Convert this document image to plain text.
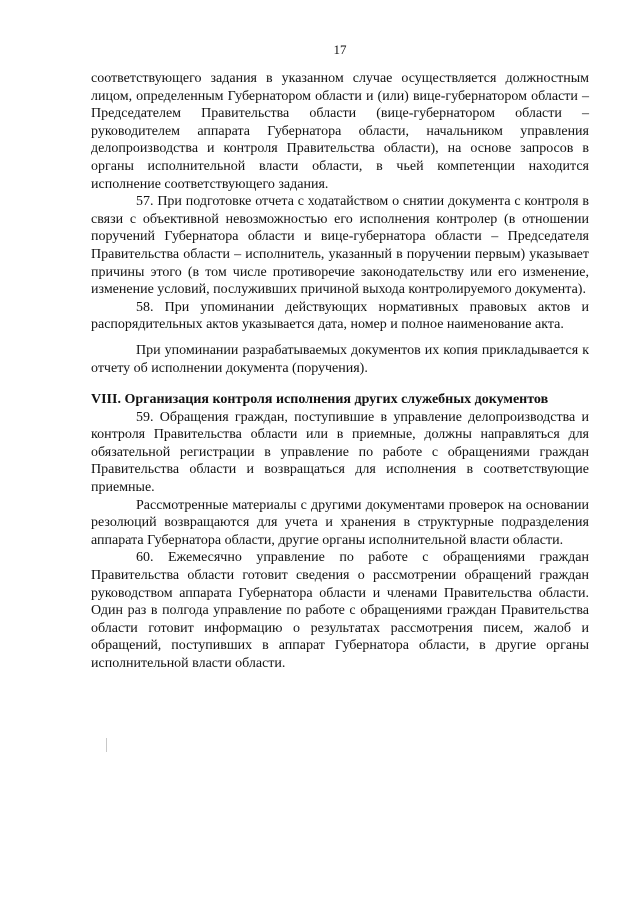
17

соответствующего задания в указанном случае осуществляется должностным лицом, определенным Губернатором области и (или) вице-губернатором области – Председателем Правительства области (вице-губернатором области – руководителем аппарата Губернатора области, начальником управления делопроизводства и контроля Правительства области), на основе запросов в органы исполнительной власти области, в чьей компетенции находится исполнение соответствующего задания.

57. При подготовке отчета с ходатайством о снятии документа с контроля в связи с объективной невозможностью его исполнения контролер (в отношении поручений Губернатора области и вице-губернатора области – Председателя Правительства области – исполнитель, указанный в поручении первым) указывает причины этого (в том числе противоречие законодательству или его изменение, изменение условий, послуживших причиной выхода контролируемого документа).

58. При упоминании действующих нормативных правовых актов и распорядительных актов указывается дата, номер и полное наименование акта.

При упоминании разрабатываемых документов их копия прикладывается к отчету об исполнении документа (поручения).

VIII. Организация контроля исполнения других служебных документов

59. Обращения граждан, поступившие в управление делопроизводства и контроля Правительства области или в приемные, должны направляться для обязательной регистрации в управление по работе с обращениями граждан Правительства области и возвращаться для исполнения в соответствующие приемные.

Рассмотренные материалы с другими документами проверок на основании резолюций возвращаются для учета и хранения в структурные подразделения аппарата Губернатора области, другие органы исполнительной власти области.

60. Ежемесячно управление по работе с обращениями граждан Правительства области готовит сведения о рассмотрении обращений граждан руководством аппарата Губернатора области и членами Правительства области. Один раз в полгода управление по работе с обращениями граждан Правительства области готовит информацию о результатах рассмотрения писем, жалоб и обращений, поступивших в аппарат Губернатора области, в другие органы исполнительной власти области.
